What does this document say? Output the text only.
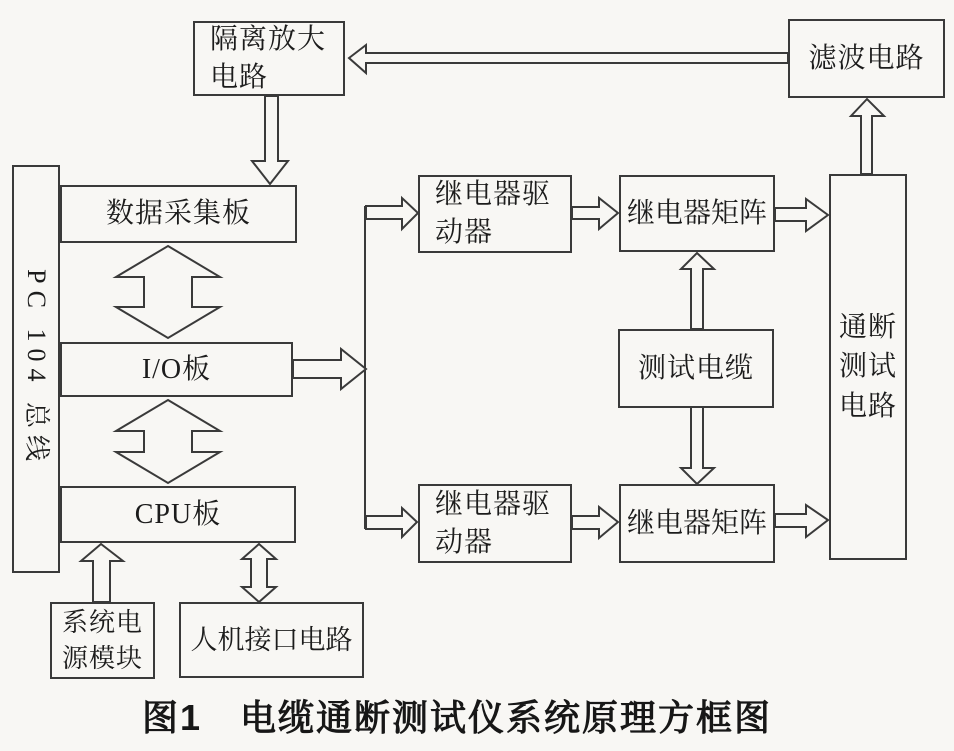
隔离放大电路
滤波电路
PC 104 总线
数据采集板
I/O板
CPU板
系统电源模块
人机接口电路
继电器驱动器
继电器矩阵
测试电缆
继电器驱动器
继电器矩阵
通断测试电路
图1　电缆通断测试仪系统原理方框图
